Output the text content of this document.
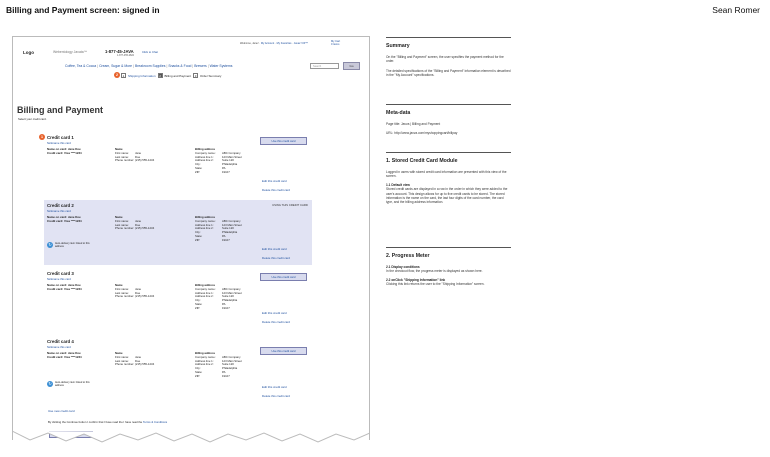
Billing and Payment screen: signed in	Sean Romer
Logo	Webentology Javata™	1-877-45-JAVA
1-877-455-2822
Click to Chat
Welcome, Jane! · My Account · My Favorites · Javaz VIP™
My Cart
0 items
Coffee, Tea & Cocoa | Cream, Sugar & More | Breakroom Supplies | Snacks & Food | Brewers | Water Systems	Search	Go
2	1	Shipping Information	2	Billing and Payment	3	Order Summary
Billing and Payment
Select your credit card.
1 Credit card 1
Nickname this card
Name on card: Jane Doe
Credit card: Visa ****1234
Name
First name:	Jane
Last name:	Doe
Phone number: (215) 555-1234
Billing address
Company name:	ABC Company
Address line 1:	123 Main Street
Address line 2:	Suite 120
City:	Philadelphia
State:	PA
ZIP:	19107
Use this credit card
Edit this credit card
Delete this credit card
Credit card 2
Nickname this card
Name on card: Jane Doe
Credit card: Visa ****1234
Name
First name:	Jane
Last name:	Doe
Phone number: (215) 555-1234
Billing address
Company name:	ABC Company
Address line 1:	123 Main Street
Address line 2:	Suite 120
City:	Philadelphia
State:	PA
ZIP:	19107
USING THIS CREDIT CARD
↻	Auto-delivery item linked to this address
Edit this credit card
Delete this credit card
Credit card 3
Nickname this card
Name on card: Jane Doe
Credit card: Visa ****1234
Name
First name:	Jane
Last name:	Doe
Phone number: (215) 555-1234
Billing address
Company name:	ABC Company
Address line 1:	123 Main Street
Address line 2:	Suite 120
City:	Philadelphia
State:	PA
ZIP:	19107
Use this credit card
Edit this credit card
Delete this credit card
Credit card 4
Nickname this card
Name on card: Jane Doe
Credit card: Visa ****1234
Name
First name:	Jane
Last name:	Doe
Phone number: (215) 555-1234
Billing address
Company name:	ABC Company
Address line 1:	123 Main Street
Address line 2:	Suite 120
City:	Philadelphia
State:	PA
ZIP:	19107
Use this credit card
↻	Auto-delivery item linked to this address	Edit this credit card
Delete this credit card
Use new credit card
By clicking the Continue button I confirm that I have read the I have read the Terms & Conditions
Summary
On the "Billing and Payment" screen, the user specifies the payment method for the order.
The detailed specifications of the "Billing and Payment" information element is described in the "My Account" specifications.
Meta-data
Page title: Javva | Billing and Payment
URL: http://www.javva.com/myshoppingcart/billpay
1. Stored Credit Card Module
Logged in users with stored credit card information are presented with this view of the screen.
1.1 Default view
Stored credit cards are displayed in a row in the order in which they were added to the user's account. This design allows for up to five credit cards to be stored. The stored information is the name on the card, the last four digits of the card number, the card type, and the billing address information.
2. Progress Meter
2.1 Display conditions
In the checkout flow, the progress meter is displayed as shown here.
2.2 onClick "Shipping Information" link
Clicking this link returns the user to the "Shipping Information" screen.
